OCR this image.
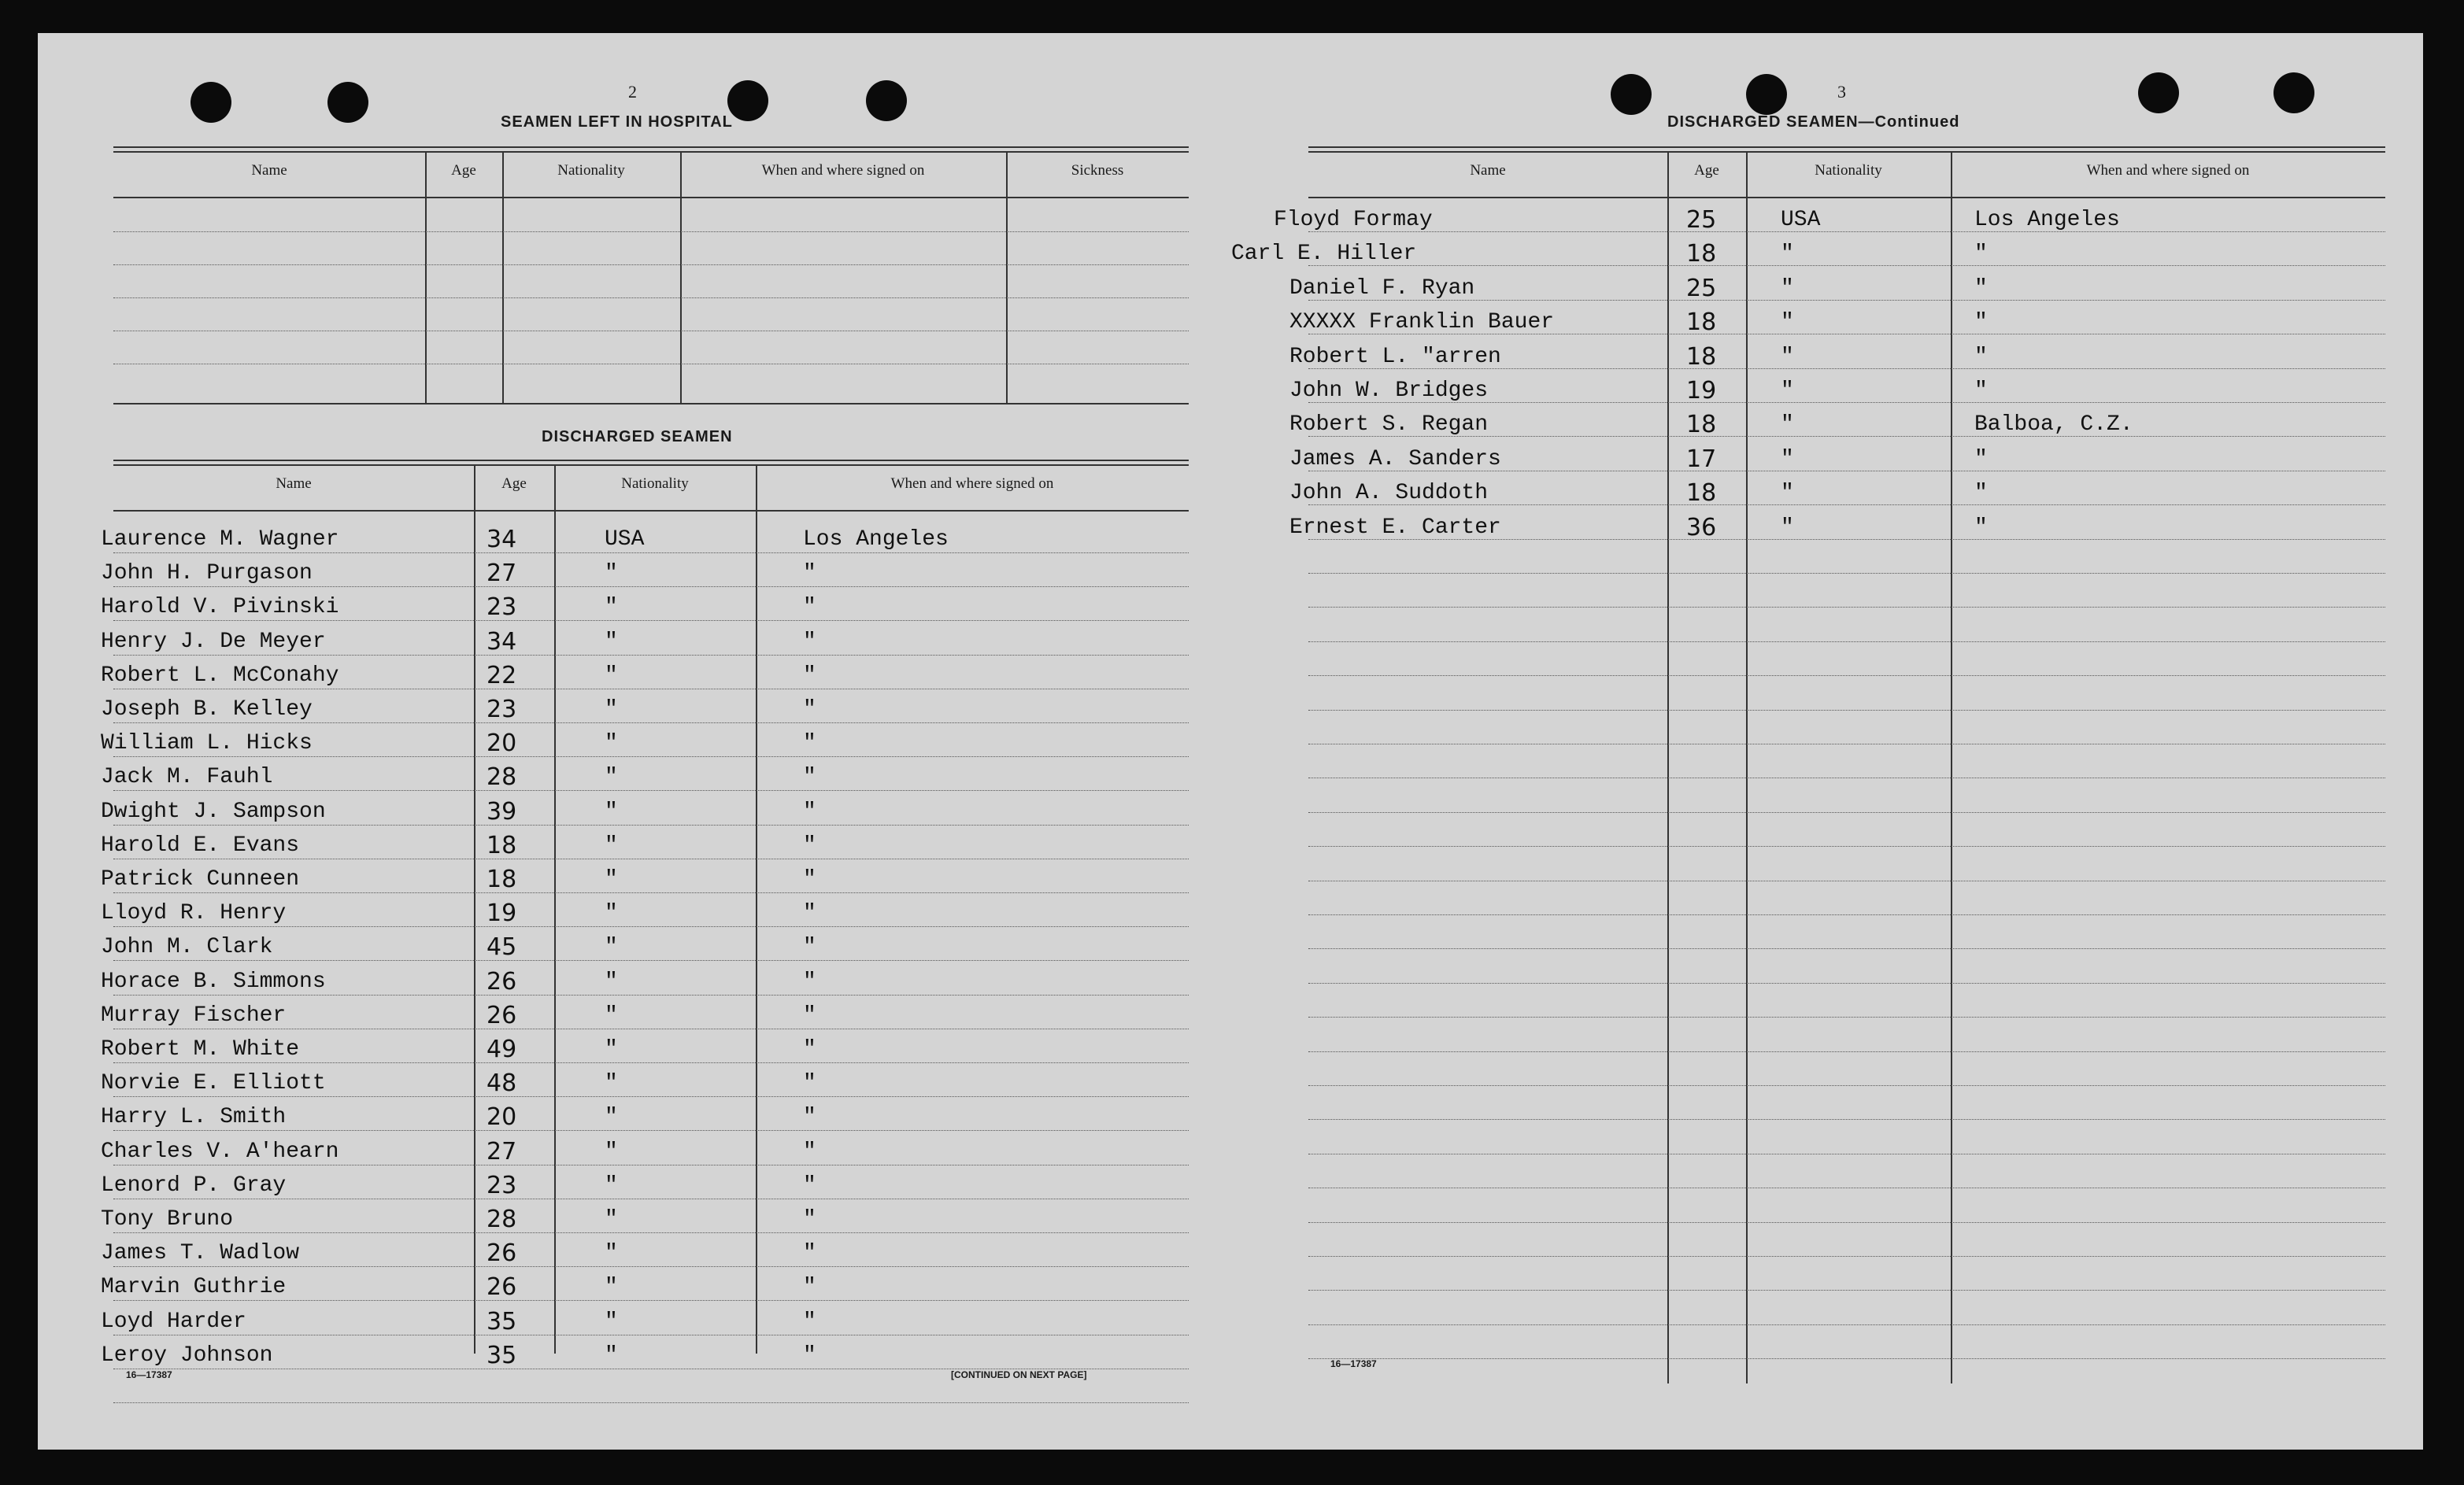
2
SEAMEN LEFT IN HOSPITAL
Name	Age	Nationality	When and where signed on	Sickness
DISCHARGED SEAMEN
Name	Age	Nationality	When and where signed on
Laurence M. Wagner	34	USA	Los Angeles
John H. Purgason	27	"	"
Harold V. Pivinski	23	"	"
Henry J. De Meyer	34	"	"
Robert L. McConahy	22	"	"
Joseph B. Kelley	23	"	"
William L. Hicks	20	"	"
Jack M. Fauhl	28	"	"
Dwight J. Sampson	39	"	"
Harold E. Evans	18	"	"
Patrick Cunneen	18	"	"
Lloyd R. Henry	19	"	"
John M. Clark	45	"	"
Horace B. Simmons	26	"	"
Murray Fischer	26	"	"
Robert M. White	49	"	"
Norvie E. Elliott	48	"	"
Harry L. Smith	20	"	"
Charles V. A'hearn	27	"	"
Lenord P. Gray	23	"	"
Tony Bruno	28	"	"
James T. Wadlow	26	"	"
Marvin Guthrie	26	"	"
Loyd Harder	35	"	"
Leroy Johnson	35	"	"
16—17387	[CONTINUED ON NEXT PAGE]
3
DISCHARGED SEAMEN—Continued
Name	Age	Nationality	When and where signed on
Floyd Formay	25	USA	Los Angeles
Carl E. Hiller	18	"	"
Daniel F. Ryan	25	"	"
XXXXX Franklin Bauer	18	"	"
Robert L. "arren	18	"	"
John W. Bridges	19	"	"
Robert S. Regan	18	"	Balboa, C.Z.
James A. Sanders	17	"	"
John A. Suddoth	18	"	"
Ernest E. Carter	36	"	"
16—17387
